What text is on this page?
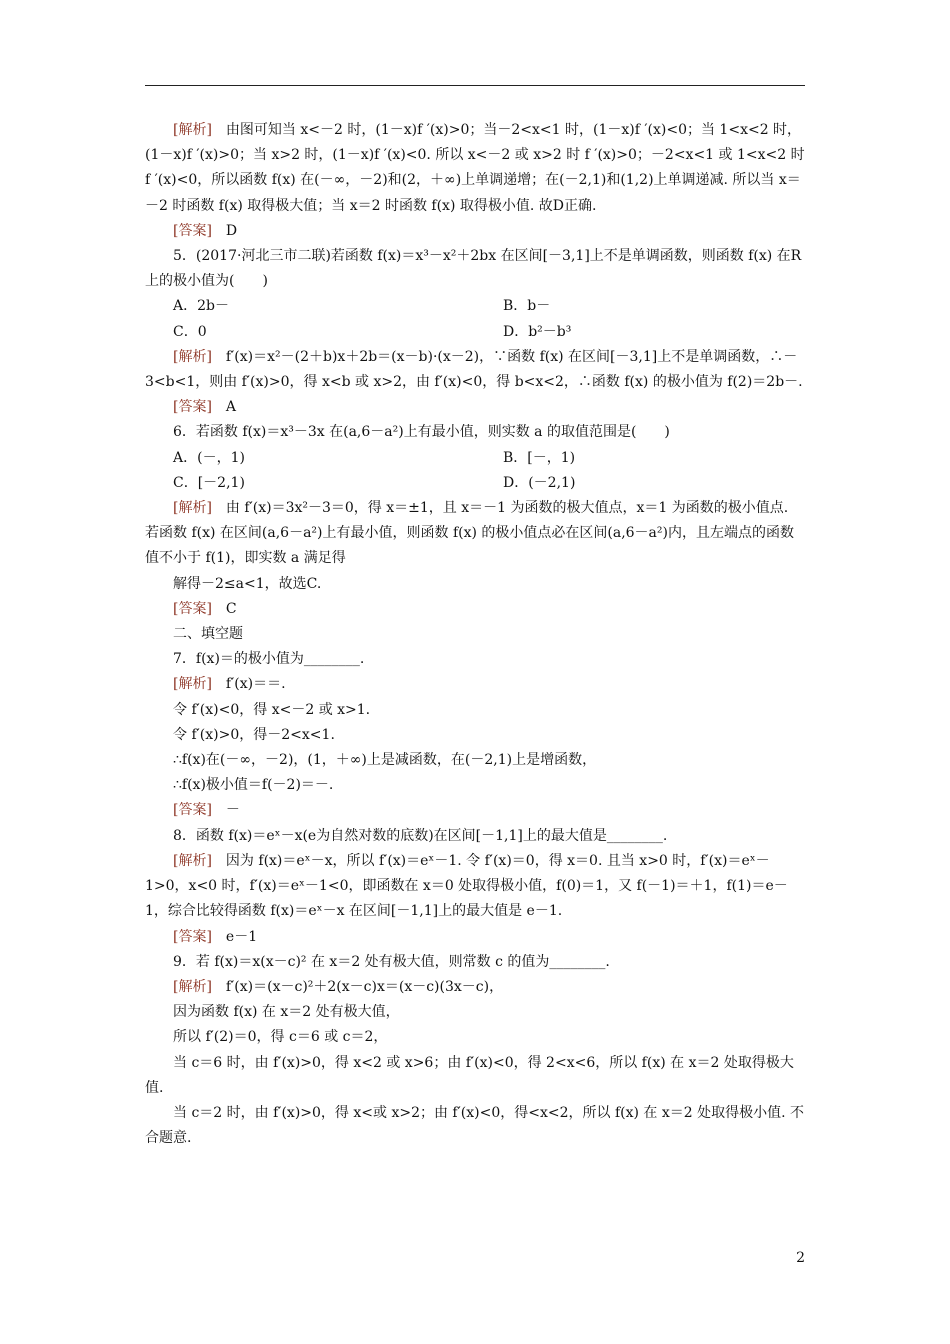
[解析]　由图可知当 x<－2 时，(1－x)f ′(x)>0；当－2<x<1 时，(1－x)f ′(x)<0；当 1<x<2 时，(1－x)f ′(x)>0；当 x>2 时，(1－x)f ′(x)<0. 所以 x<－2 或 x>2 时 f ′(x)>0；－2<x<1 或 1<x<2 时 f ′(x)<0，所以函数 f(x) 在(－∞，－2)和(2，＋∞)上单调递增；在(－2,1)和(1,2)上单调递减. 所以当 x＝－2 时函数 f(x) 取得极大值；当 x＝2 时函数 f(x) 取得极小值. 故D正确.

[答案]　D

5．(2017·河北三市二联)若函数 f(x)＝x³－x²＋2bx 在区间[－3,1]上不是单调函数，则函数 f(x) 在R上的极小值为(　　)

A．2b－	B．b－
C．0	D．b²－b³

[解析]　f′(x)＝x²－(2＋b)x＋2b＝(x－b)·(x－2)，∵函数 f(x) 在区间[－3,1]上不是单调函数，∴－3<b<1，则由 f′(x)>0，得 x<b 或 x>2，由 f′(x)<0，得 b<x<2，∴函数 f(x) 的极小值为 f(2)＝2b－.

[答案]　A

6．若函数 f(x)＝x³－3x 在(a,6－a²)上有最小值，则实数 a 的取值范围是(　　)

A．(－，1)	B．[－，1)
C．[－2,1)	D．(－2,1)

[解析]　由 f′(x)＝3x²－3＝0，得 x＝±1，且 x＝－1 为函数的极大值点，x＝1 为函数的极小值点. 若函数 f(x) 在区间(a,6－a²)上有最小值，则函数 f(x) 的极小值点必在区间(a,6－a²)内，且左端点的函数值不小于 f(1)，即实数 a 满足得

解得－2≤a<1，故选C.

[答案]　C

二、填空题

7．f(x)＝的极小值为________.

[解析]　f′(x)＝＝.

令 f′(x)<0，得 x<－2 或 x>1.

令 f′(x)>0，得－2<x<1.

∴f(x)在(－∞，－2)，(1，＋∞)上是减函数，在(－2,1)上是增函数，

∴f(x)极小值＝f(－2)＝－.

[答案]　－

8．函数 f(x)＝eˣ－x(e为自然对数的底数)在区间[－1,1]上的最大值是________.

[解析]　因为 f(x)＝eˣ－x，所以 f′(x)＝eˣ－1. 令 f′(x)＝0，得 x＝0. 且当 x>0 时，f′(x)＝eˣ－1>0，x<0 时，f′(x)＝eˣ－1<0，即函数在 x＝0 处取得极小值，f(0)＝1，又 f(－1)＝＋1，f(1)＝e－1，综合比较得函数 f(x)＝eˣ－x 在区间[－1,1]上的最大值是 e－1.

[答案]　e－1

9．若 f(x)＝x(x－c)² 在 x＝2 处有极大值，则常数 c 的值为________.

[解析]　f′(x)＝(x－c)²＋2(x－c)x＝(x－c)(3x－c)，

因为函数 f(x) 在 x＝2 处有极大值，

所以 f′(2)＝0，得 c＝6 或 c＝2，

当 c＝6 时，由 f′(x)>0，得 x<2 或 x>6；由 f′(x)<0，得 2<x<6，所以 f(x) 在 x＝2 处取得极大值.

当 c＝2 时，由 f′(x)>0，得 x<或 x>2；由 f′(x)<0，得<x<2，所以 f(x) 在 x＝2 处取得极小值. 不合题意.

2
